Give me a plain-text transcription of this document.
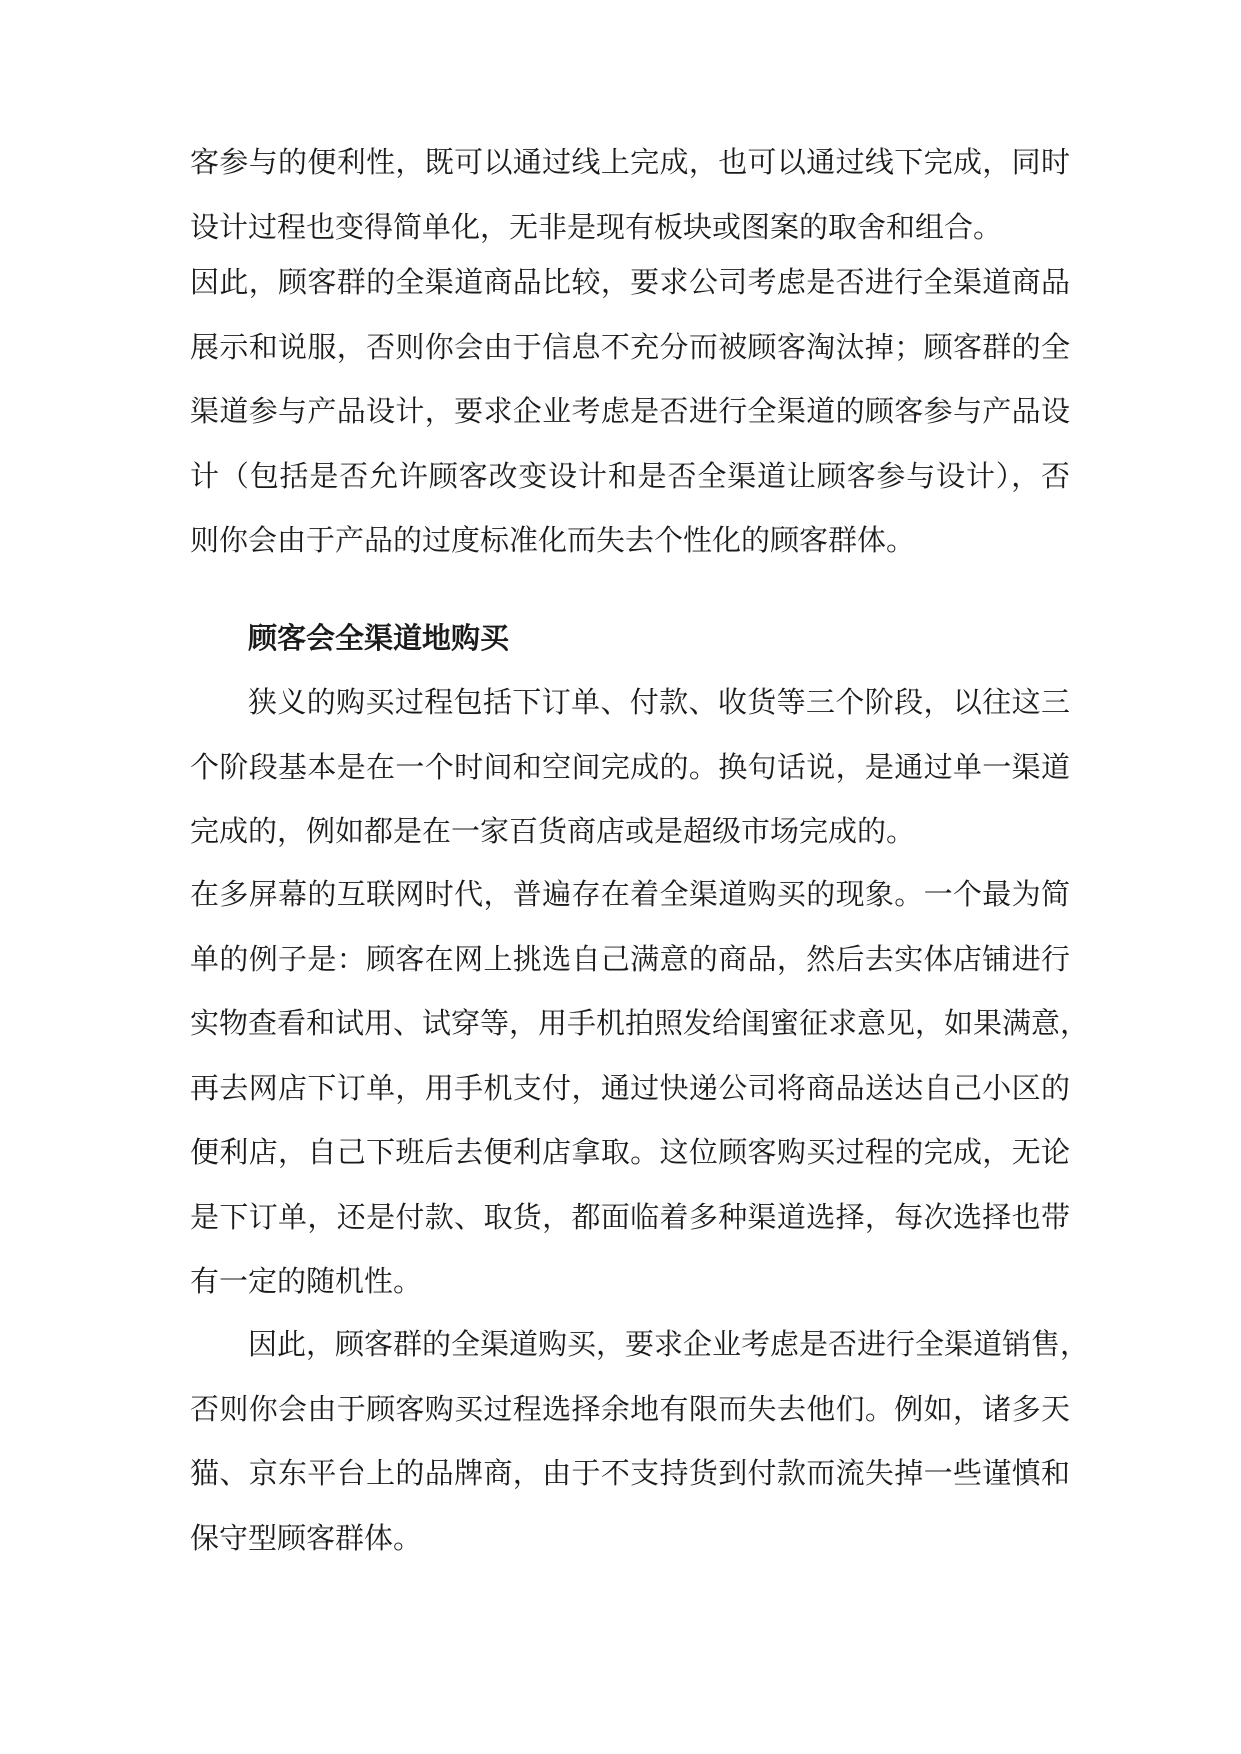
客参与的便利性，既可以通过线上完成，也可以通过线下完成，同时
设计过程也变得简单化，无非是现有板块或图案的取舍和组合。
因此，顾客群的全渠道商品比较，要求公司考虑是否进行全渠道商品
展示和说服，否则你会由于信息不充分而被顾客淘汰掉；顾客群的全
渠道参与产品设计，要求企业考虑是否进行全渠道的顾客参与产品设
计（包括是否允许顾客改变设计和是否全渠道让顾客参与设计），否
则你会由于产品的过度标准化而失去个性化的顾客群体。
顾客会全渠道地购买
狭义的购买过程包括下订单、付款、收货等三个阶段，以往这三
个阶段基本是在一个时间和空间完成的。换句话说，是通过单一渠道
完成的，例如都是在一家百货商店或是超级市场完成的。
在多屏幕的互联网时代，普遍存在着全渠道购买的现象。一个最为简
单的例子是：顾客在网上挑选自己满意的商品，然后去实体店铺进行
实物查看和试用、试穿等，用手机拍照发给闺蜜征求意见，如果满意，
再去网店下订单，用手机支付，通过快递公司将商品送达自己小区的
便利店，自己下班后去便利店拿取。这位顾客购买过程的完成，无论
是下订单，还是付款、取货，都面临着多种渠道选择，每次选择也带
有一定的随机性。
因此，顾客群的全渠道购买，要求企业考虑是否进行全渠道销售，
否则你会由于顾客购买过程选择余地有限而失去他们。例如，诸多天
猫、京东平台上的品牌商，由于不支持货到付款而流失掉一些谨慎和
保守型顾客群体。
